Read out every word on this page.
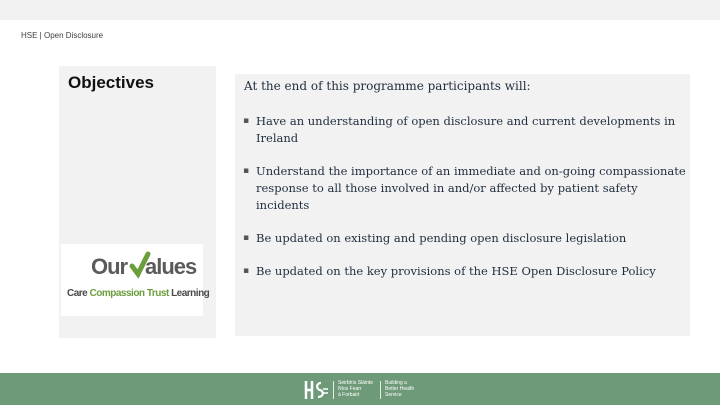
HSE | Open Disclosure
Objectives
Our alues
Care Compassion Trust Learning
At the end of this programme participants will:
▪ Have an understanding of open disclosure and current developments in Ireland
▪ Understand the importance of an immediate and on-going compassionate response to all those involved in and/or affected by patient safety incidents
▪ Be updated on existing and pending open disclosure legislation
▪ Be updated on the key provisions of the HSE Open Disclosure Policy
Seirbhís Sláinte
Níos Fearr
á Forbairt
Building a
Better Health
Service
